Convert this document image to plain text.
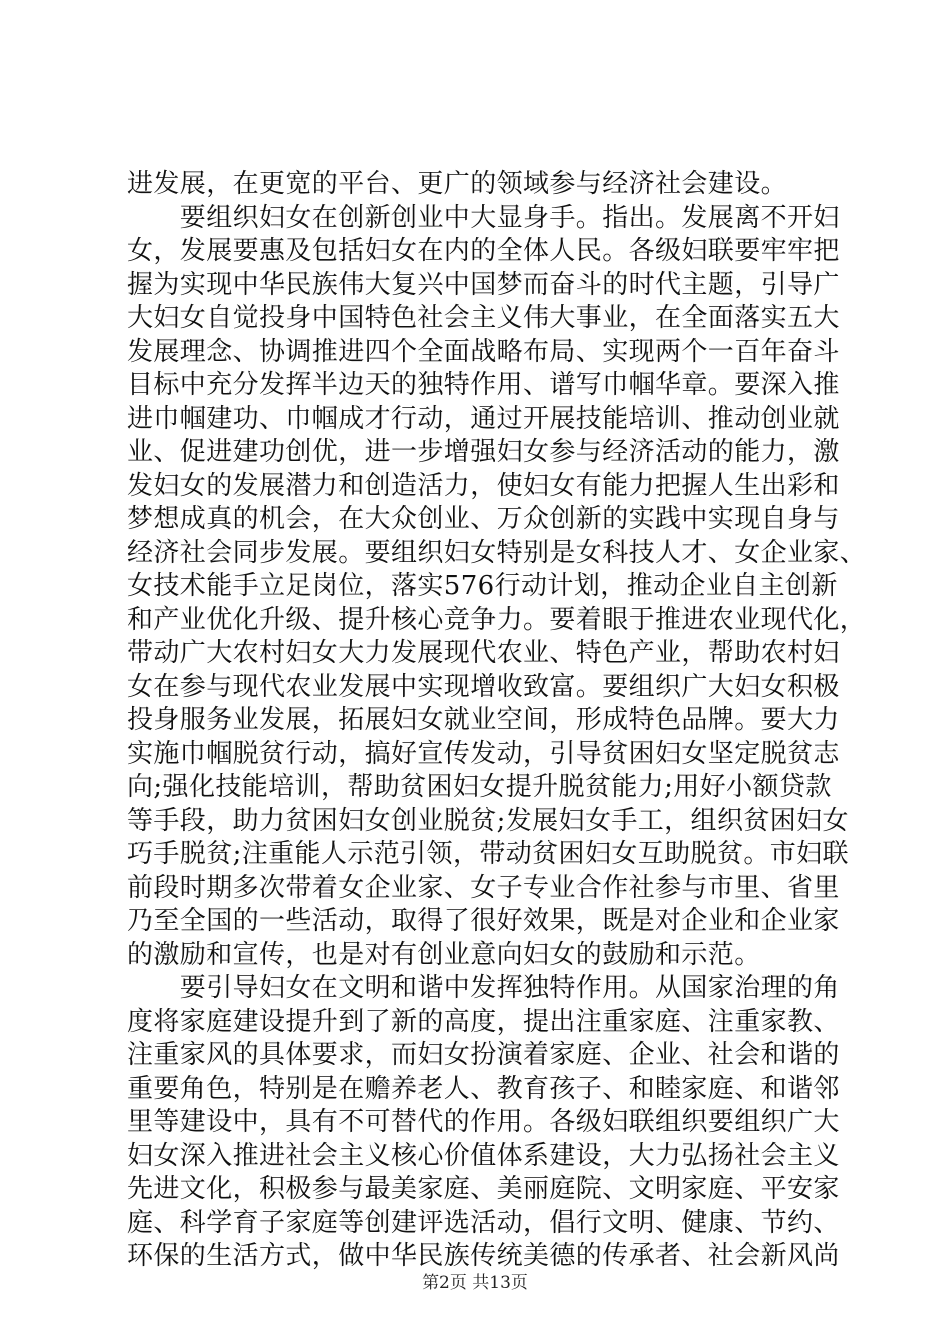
进发展，在更宽的平台、更广的领域参与经济社会建设。
　　要组织妇女在创新创业中大显身手。指出。发展离不开妇
女，发展要惠及包括妇女在内的全体人民。各级妇联要牢牢把
握为实现中华民族伟大复兴中国梦而奋斗的时代主题，引导广
大妇女自觉投身中国特色社会主义伟大事业，在全面落实五大
发展理念、协调推进四个全面战略布局、实现两个一百年奋斗
目标中充分发挥半边天的独特作用、谱写巾帼华章。要深入推
进巾帼建功、巾帼成才行动，通过开展技能培训、推动创业就
业、促进建功创优，进一步增强妇女参与经济活动的能力，激
发妇女的发展潜力和创造活力，使妇女有能力把握人生出彩和
梦想成真的机会，在大众创业、万众创新的实践中实现自身与
经济社会同步发展。要组织妇女特别是女科技人才、女企业家、
女技术能手立足岗位，落实576行动计划，推动企业自主创新
和产业优化升级、提升核心竞争力。要着眼于推进农业现代化，
带动广大农村妇女大力发展现代农业、特色产业，帮助农村妇
女在参与现代农业发展中实现增收致富。要组织广大妇女积极
投身服务业发展，拓展妇女就业空间，形成特色品牌。要大力
实施巾帼脱贫行动，搞好宣传发动，引导贫困妇女坚定脱贫志
向;强化技能培训，帮助贫困妇女提升脱贫能力;用好小额贷款
等手段，助力贫困妇女创业脱贫;发展妇女手工，组织贫困妇女
巧手脱贫;注重能人示范引领，带动贫困妇女互助脱贫。市妇联
前段时期多次带着女企业家、女子专业合作社参与市里、省里
乃至全国的一些活动，取得了很好效果，既是对企业和企业家
的激励和宣传，也是对有创业意向妇女的鼓励和示范。
　　要引导妇女在文明和谐中发挥独特作用。从国家治理的角
度将家庭建设提升到了新的高度，提出注重家庭、注重家教、
注重家风的具体要求，而妇女扮演着家庭、企业、社会和谐的
重要角色，特别是在赡养老人、教育孩子、和睦家庭、和谐邻
里等建设中，具有不可替代的作用。各级妇联组织要组织广大
妇女深入推进社会主义核心价值体系建设，大力弘扬社会主义
先进文化，积极参与最美家庭、美丽庭院、文明家庭、平安家
庭、科学育子家庭等创建评选活动，倡行文明、健康、节约、
环保的生活方式，做中华民族传统美德的传承者、社会新风尚
第2页 共13页
